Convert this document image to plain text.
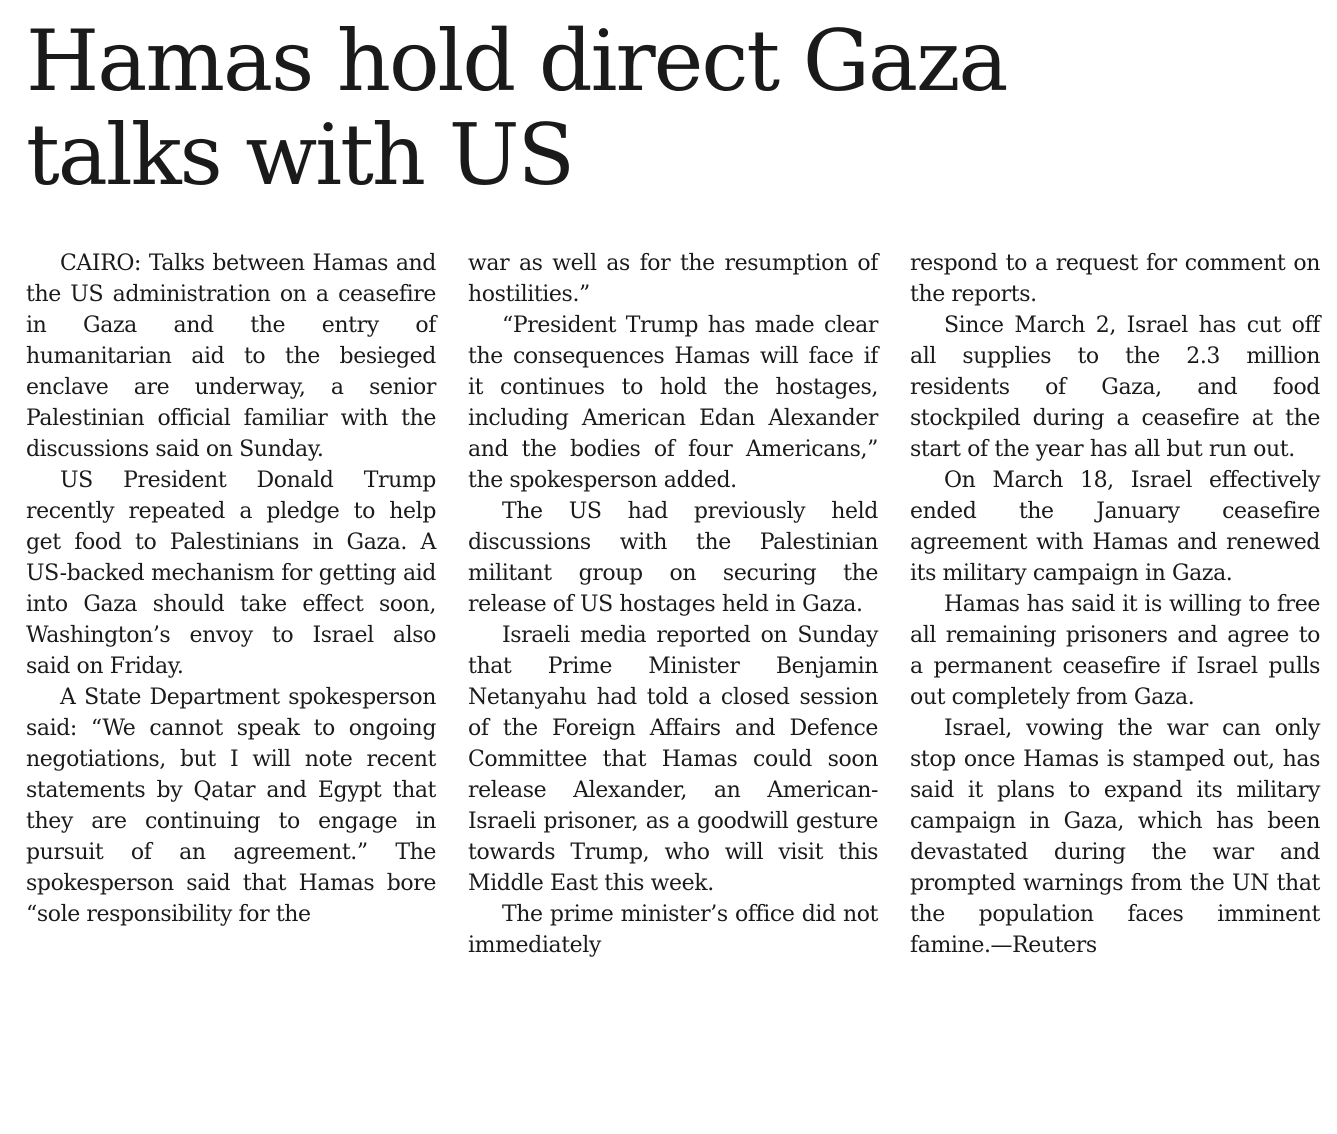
Hamas hold direct Gaza
talks with US

CAIRO: Talks between Hamas and the US administration on a ceasefire in Gaza and the entry of humanitarian aid to the besieged enclave are underway, a senior Palestinian official familiar with the discussions said on Sunday.

US President Donald Trump recently repeated a pledge to help get food to Palestinians in Gaza. A US-backed mechanism for getting aid into Gaza should take effect soon, Washington’s envoy to Israel also said on Friday.

A State Department spokesperson said: “We cannot speak to ongoing negotiations, but I will note recent statements by Qatar and Egypt that they are continuing to engage in pursuit of an agreement.” The spokesperson said that Hamas bore “sole responsibility for the

war as well as for the resumption of hostilities.”

“President Trump has made clear the consequences Hamas will face if it continues to hold the hostages, including American Edan Alexander and the bodies of four Americans,” the spokesperson added.

The US had previously held discussions with the Palestinian militant group on securing the release of US hostages held in Gaza.

Israeli media reported on Sunday that Prime Minister Benjamin Netanyahu had told a closed session of the Foreign Affairs and Defence Committee that Hamas could soon release Alexander, an American-Israeli prisoner, as a goodwill gesture towards Trump, who will visit this Middle East this week.

The prime minister’s office did not immediately

respond to a request for comment on the reports.

Since March 2, Israel has cut off all supplies to the 2.3 million residents of Gaza, and food stockpiled during a ceasefire at the start of the year has all but run out.

On March 18, Israel effectively ended the January ceasefire agreement with Hamas and renewed its military campaign in Gaza.

Hamas has said it is willing to free all remaining prisoners and agree to a permanent ceasefire if Israel pulls out completely from Gaza.

Israel, vowing the war can only stop once Hamas is stamped out, has said it plans to expand its military campaign in Gaza, which has been devastated during the war and prompted warnings from the UN that the population faces imminent famine.—Reuters
